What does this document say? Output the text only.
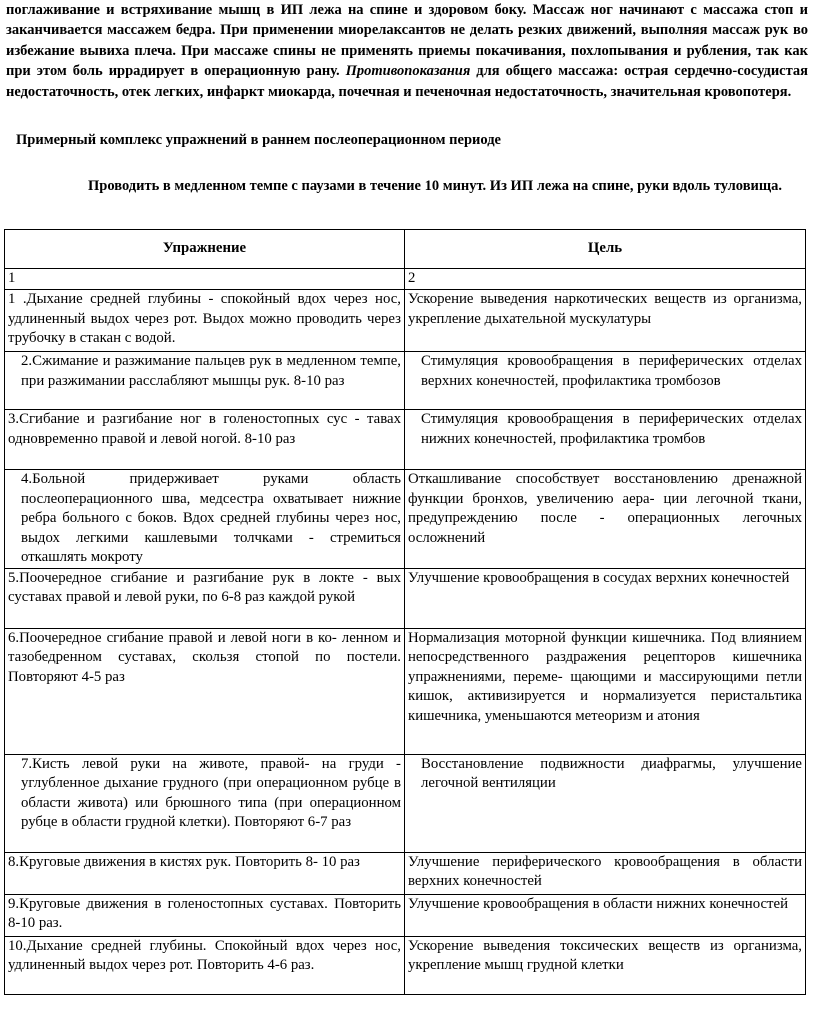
поглаживание и встряхивание мышц в ИП лежа на спине и здоровом боку. Массаж ног начинают с массажа стоп и заканчивается массажем бедра. При применении миорелаксантов не делать резких движений, выполняя массаж рук во избежание вывиха плеча. При массаже спины не применять приемы покачивания, похлопывания и рубления, так как при этом боль иррадирует в операционную рану. Противопоказания для общего массажа: острая сердечно-сосудистая недостаточность, отек легких, инфаркт миокарда, почечная и печеночная недостаточность, значительная кровопотеря.

Примерный комплекс упражнений в раннем послеоперационном периоде
Проводить в медленном темпе с паузами в течение 10 минут. Из ИП лежа на спине, руки вдоль туловища.
Упражнение	Цель
1	2
1 .Дыхание средней глубины - спокойный вдох через нос, удлиненный выдох через рот. Выдох можно проводить через трубочку в стакан с водой.	Ускорение выведения наркотических веществ из организма, укрепление дыхательной мускулатуры
2.Сжимание и разжимание пальцев рук в медленном темпе, при разжимании расслабляют мышцы рук. 8-10 раз	Стимуляция кровообращения в периферических отделах верхних конечностей, профилактика тромбозов
3.Сгибание и разгибание ног в голеностопных сус - тавах одновременно правой и левой ногой. 8-10 раз	Стимуляция кровообращения в периферических отделах нижних конечностей, профилактика тромбов
4.Больной придерживает руками область послеоперационного шва, медсестра охватывает нижние ребра больного с боков. Вдох средней глубины через нос, выдох легкими кашлевыми толчками - стремиться откашлять мокроту	Откашливание способствует восстановлению дренажной функции бронхов, увеличению аера- ции легочной ткани, предупреждению после - операционных легочных осложнений
5.Поочередное сгибание и разгибание рук в локте - вых суставах правой и левой руки, по 6-8 раз каждой рукой	Улучшение кровообращения в сосудах верхних конечностей
6.Поочередное сгибание правой и левой ноги в ко- ленном и тазобедренном суставах, скользя стопой по постели. Повторяют 4-5 раз	Нормализация моторной функции кишечника. Под влиянием непосредственного раздражения рецепторов кишечника упражнениями, переме- щающими и массирующими петли кишок, активизируется и нормализуется перистальтика кишечника, уменьшаются метеоризм и атония
7.Кисть левой руки на животе, правой- на груди - углубленное дыхание грудного (при операционном рубце в области живота) или брюшного типа (при операционном рубце в области грудной клетки). Повторяют 6-7 раз	Восстановление подвижности диафрагмы, улучшение легочной вентиляции
8.Круговые движения в кистях рук. Повторить 8- 10 раз	Улучшение периферического кровообращения в области верхних конечностей
9.Круговые движения в голеностопных суставах. Повторить 8-10 раз.	Улучшение кровообращения в области нижних конечностей
10.Дыхание средней глубины. Спокойный вдох через нос, удлиненный выдох через рот. Повторить 4-6 раз.	Ускорение выведения токсических веществ из организма, укрепление мышц грудной клетки
